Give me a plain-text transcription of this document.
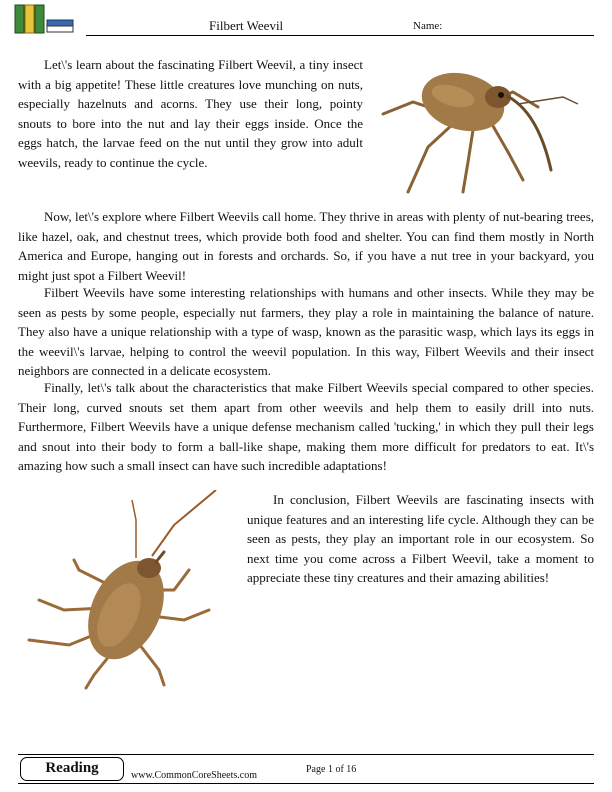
Filbert Weevil	Name:

Let\'s learn about the fascinating Filbert Weevil, a tiny insect with a big appetite! These little creatures love munching on nuts, especially hazelnuts and acorns. They use their long, pointy snouts to bore into the nut and lay their eggs inside. Once the eggs hatch, the larvae feed on the nut until they grow into adult weevils, ready to continue the cycle.

Now, let\'s explore where Filbert Weevils call home. They thrive in areas with plenty of nut-bearing trees, like hazel, oak, and chestnut trees, which provide both food and shelter. You can find them mostly in North America and Europe, hanging out in forests and orchards. So, if you have a nut tree in your backyard, you might just spot a Filbert Weevil!

Filbert Weevils have some interesting relationships with humans and other insects. While they may be seen as pests by some people, especially nut farmers, they play a role in maintaining the balance of nature. They also have a unique relationship with a type of wasp, known as the parasitic wasp, which lays its eggs in the weevil\'s larvae, helping to control the weevil population. In this way, Filbert Weevils and their insect neighbors are connected in a delicate ecosystem.

Finally, let\'s talk about the characteristics that make Filbert Weevils special compared to other species. Their long, curved snouts set them apart from other weevils and help them to easily drill into nuts. Furthermore, Filbert Weevils have a unique defense mechanism called 'tucking,' in which they pull their legs and snout into their body to form a ball-like shape, making them more difficult for predators to eat. It\'s amazing how such a small insect can have such incredible adaptations!

In conclusion, Filbert Weevils are fascinating insects with unique features and an interesting life cycle. Although they can be seen as pests, they play an important role in our ecosystem. So next time you come across a Filbert Weevil, take a moment to appreciate these tiny creatures and their amazing abilities!

Reading	www.CommonCoreSheets.com
Page 1 of 16
